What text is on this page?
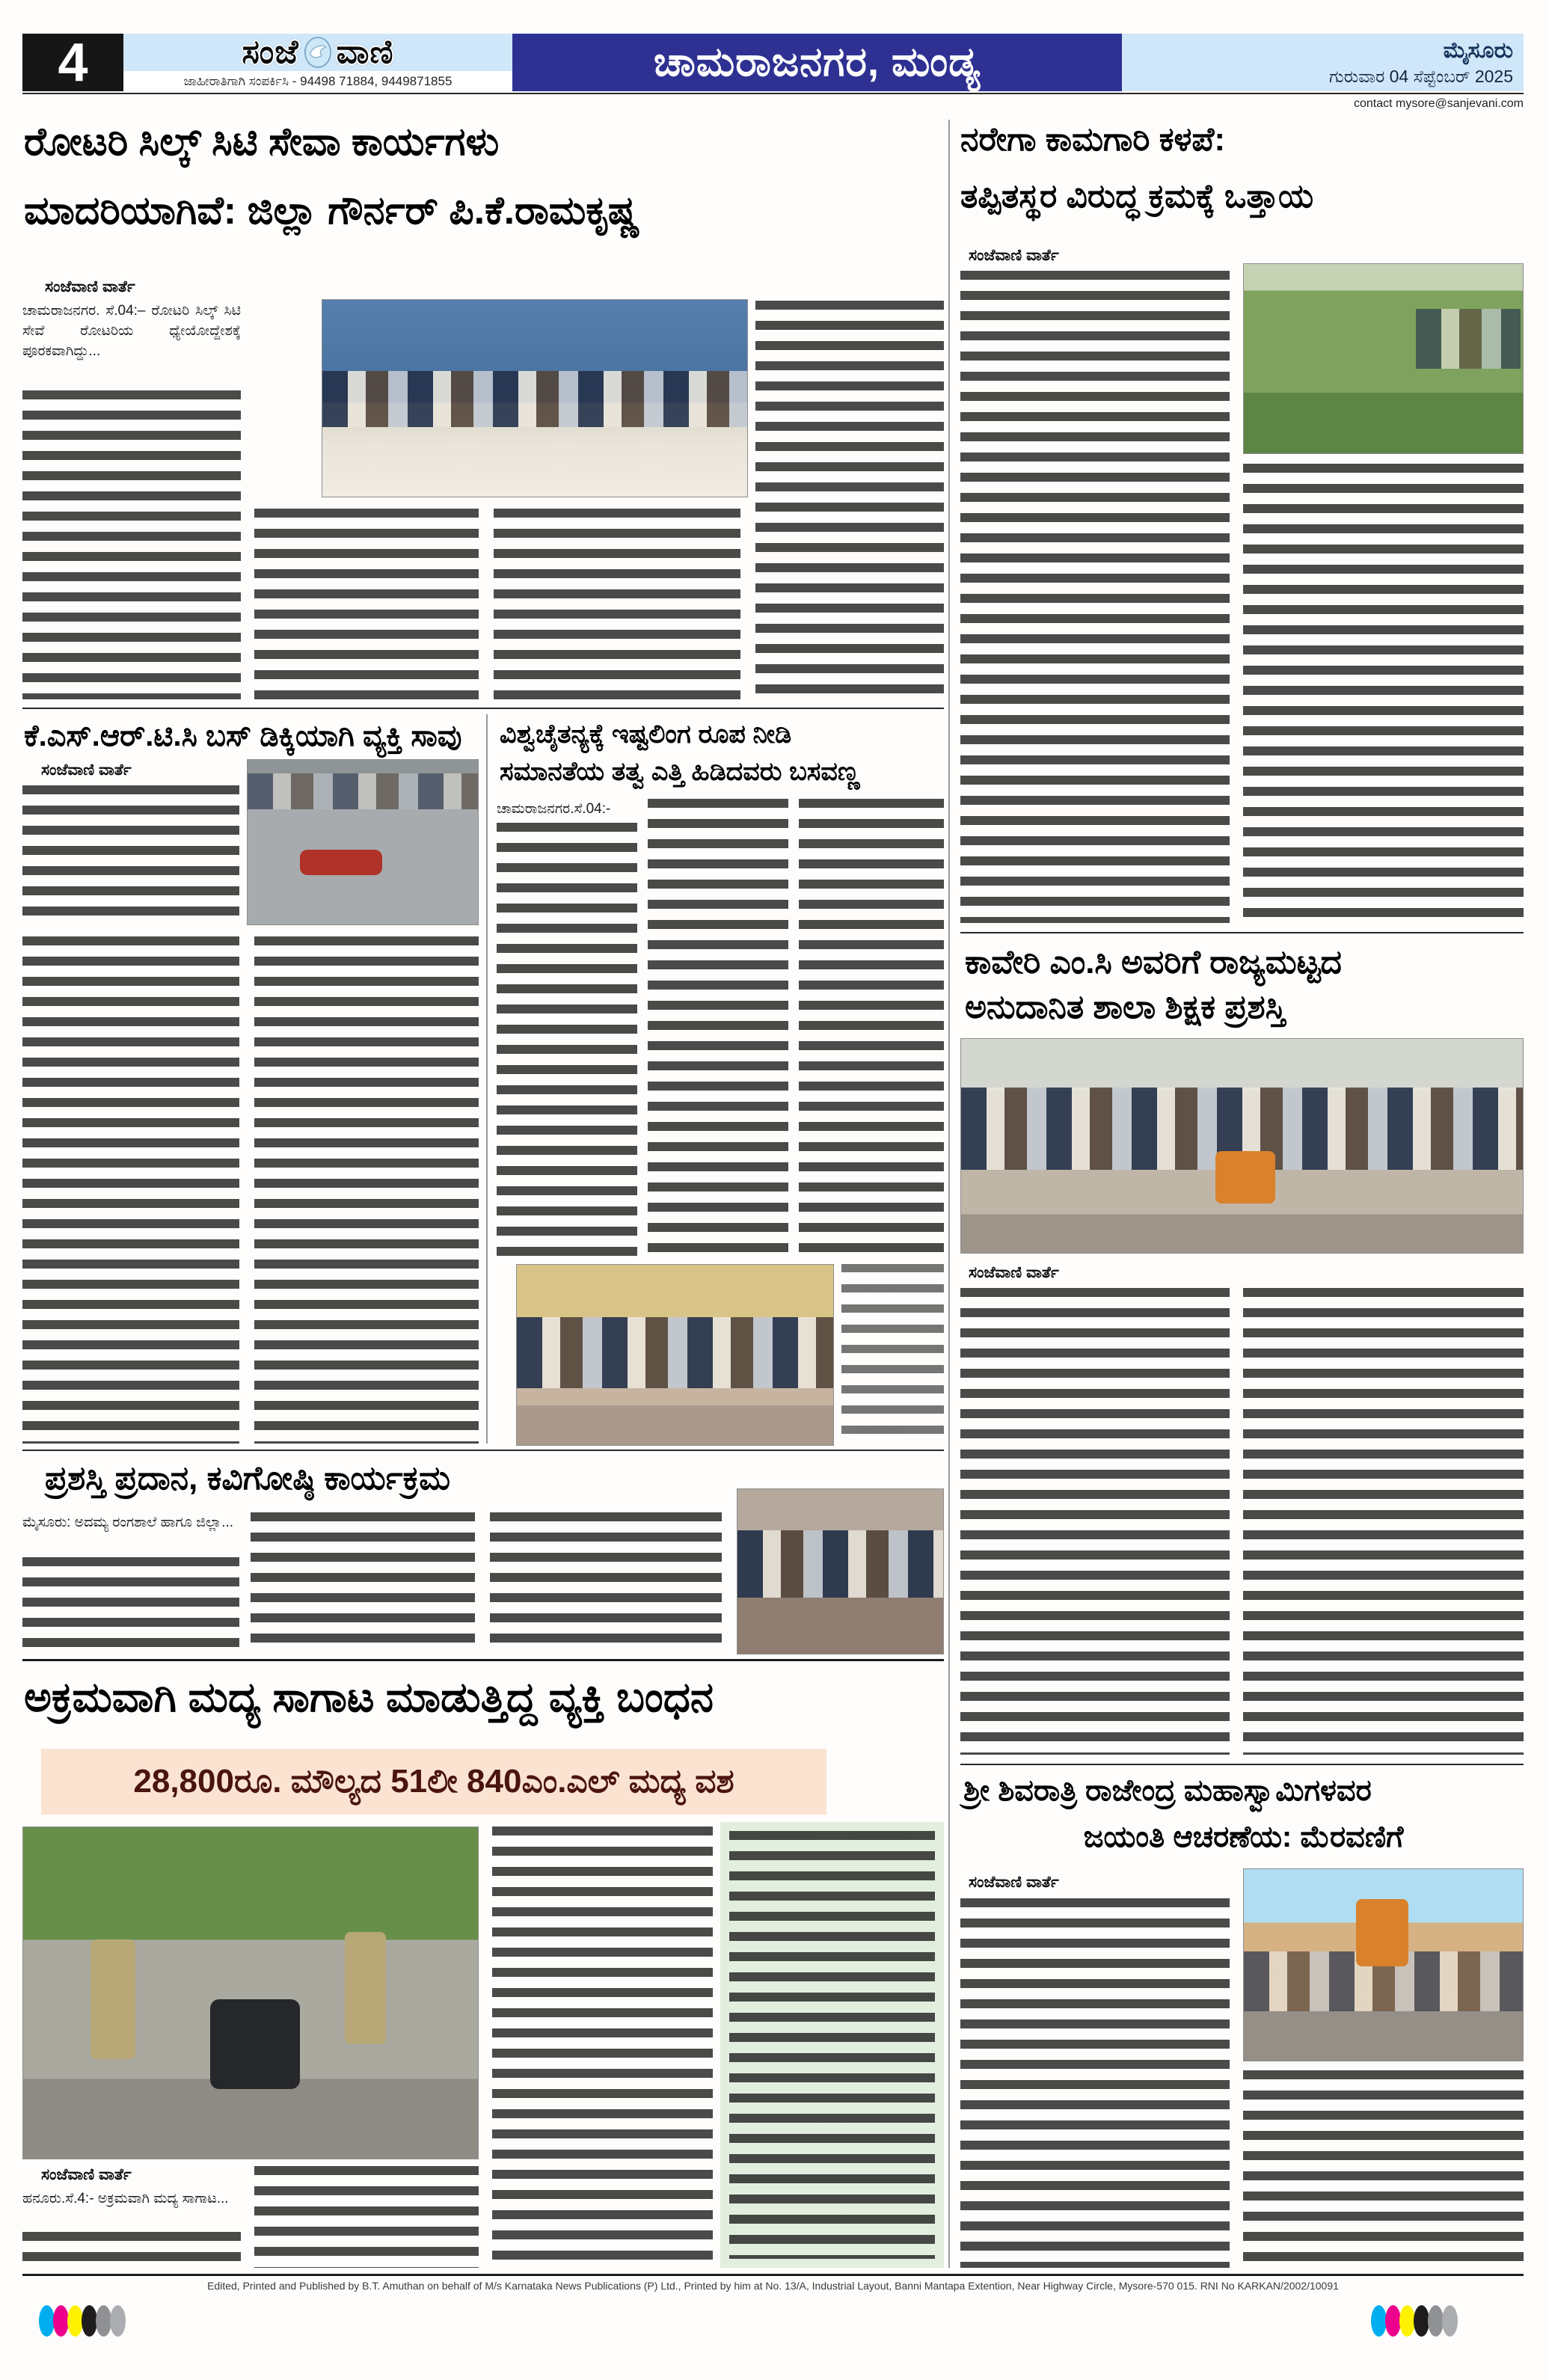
4	ಸಂಜೆ ವಾಣಿ
ಜಾಹೀರಾತಿಗಾಗಿ ಸಂಪರ್ಕಿಸಿ - 94498 71884, 9449871855	ಚಾಮರಾಜನಗರ, ಮಂಡ್ಯ	ಮೈಸೂರು
ಗುರುವಾರ 04 ಸೆಪ್ಟೆಂಬರ್ 2025
contact mysore@sanjevani.com
ರೋಟರಿ ಸಿಲ್ಕ್ ಸಿಟಿ ಸೇವಾ ಕಾರ್ಯಗಳು
ಮಾದರಿಯಾಗಿವೆ: ಜಿಲ್ಲಾ ಗೌರ್ನರ್ ಪಿ.ಕೆ.ರಾಮಕೃಷ್ಣ
ಸಂಜೆವಾಣಿ ವಾರ್ತೆ
ಚಾಮರಾಜನಗರ. ಸೆ.04:– ರೋಟರಿ ಸಿಲ್ಕ್ ಸಿಟಿ ಸೇವೆ ರೋಟರಿಯ ಧ್ಯೇಯೋದ್ದೇಶಕ್ಕೆ ಪೂರಕವಾಗಿದ್ದು...
ಕೆ.ಎಸ್.ಆರ್.ಟಿ.ಸಿ ಬಸ್ ಡಿಕ್ಕಿಯಾಗಿ ವ್ಯಕ್ತಿ ಸಾವು
ಸಂಜೆವಾಣಿ ವಾರ್ತೆ
ವಿಶ್ವಚೈತನ್ಯಕ್ಕೆ ಇಷ್ಟಲಿಂಗ ರೂಪ ನೀಡಿ
ಸಮಾನತೆಯ ತತ್ವ ಎತ್ತಿ ಹಿಡಿದವರು ಬಸವಣ್ಣ
ಚಾಮರಾಜನಗರ.ಸೆ.04:-
ಪ್ರಶಸ್ತಿ ಪ್ರದಾನ, ಕವಿಗೋಷ್ಠಿ ಕಾರ್ಯಕ್ರಮ
ಮೈಸೂರು: ಅದಮ್ಯ ರಂಗಶಾಲೆ ಹಾಗೂ ಜಿಲ್ಲಾ...
ಅಕ್ರಮವಾಗಿ ಮದ್ಯ ಸಾಗಾಟ ಮಾಡುತ್ತಿದ್ದ ವ್ಯಕ್ತಿ ಬಂಧನ
28,800ರೂ. ಮೌಲ್ಯದ 51ಲೀ 840ಎಂ.ಎಲ್ ಮದ್ಯ ವಶ
ಸಂಜೆವಾಣಿ ವಾರ್ತೆ
ಹನೂರು.ಸೆ.4:- ಅಕ್ರಮವಾಗಿ ಮದ್ಯ ಸಾಗಾಟ...
ನರೇಗಾ ಕಾಮಗಾರಿ ಕಳಪೆ:
ತಪ್ಪಿತಸ್ಥರ ವಿರುದ್ಧ ಕ್ರಮಕ್ಕೆ ಒತ್ತಾಯ
ಸಂಜೆವಾಣಿ ವಾರ್ತೆ
ಕಾವೇರಿ ಎಂ.ಸಿ ಅವರಿಗೆ ರಾಜ್ಯಮಟ್ಟದ
ಅನುದಾನಿತ ಶಾಲಾ ಶಿಕ್ಷಕ ಪ್ರಶಸ್ತಿ
ಸಂಜೆವಾಣಿ ವಾರ್ತೆ
ಶ್ರೀ ಶಿವರಾತ್ರಿ ರಾಜೇಂದ್ರ ಮಹಾಸ್ವಾಮಿಗಳವರ
ಜಯಂತಿ ಆಚರಣೆಯ: ಮೆರವಣಿಗೆ
ಸಂಜೆವಾಣಿ ವಾರ್ತೆ
Edited, Printed and Published by B.T. Amuthan on behalf of M/s Karnataka News Publications (P) Ltd., Printed by him at No. 13/A, Industrial Layout, Banni Mantapa Extention, Near Highway Circle, Mysore-570 015. RNI No KARKAN/2002/10091
